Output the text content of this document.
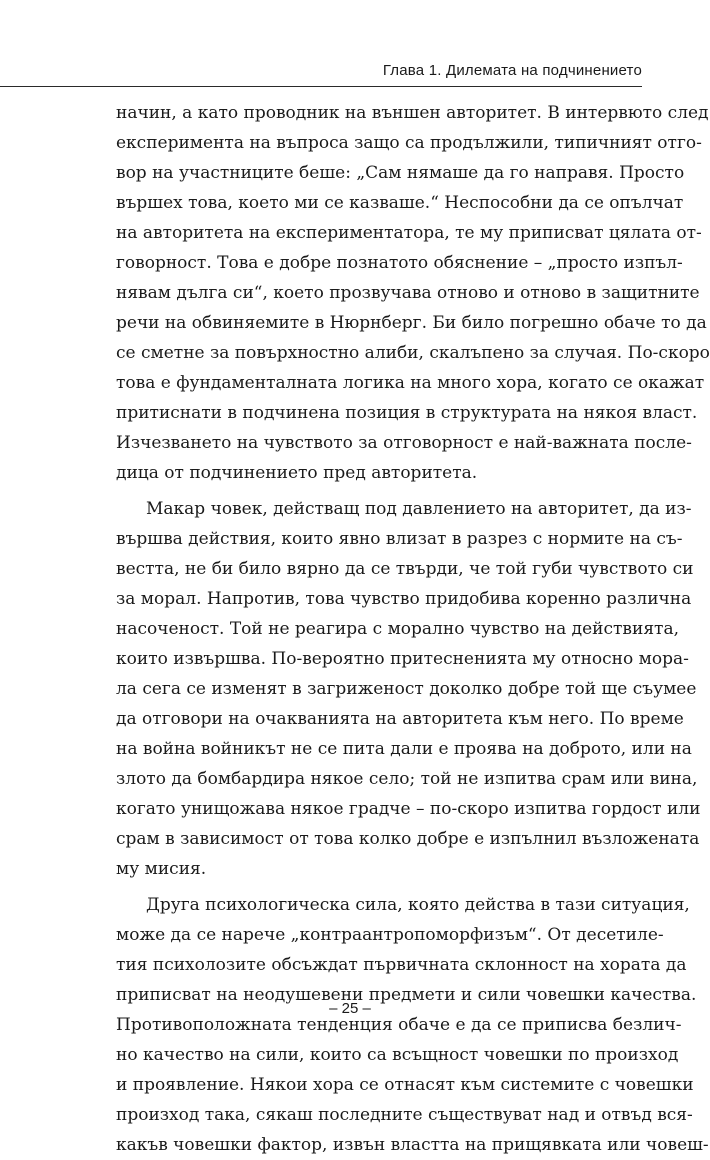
Глава 1. Дилемата на подчинението
начин, а като проводник на външен авторитет. В интервюто след
експеримента на въпроса защо са продължили, типичният отго-
вор на участниците беше: „Сам нямаше да го направя. Просто
вършех това, което ми се казваше.“ Неспособни да се опълчат
на авторитета на експериментатора, те му приписват цялата от-
говорност. Това е добре познатото обяснение – „просто изпъл-
нявам дълга си“, което прозвучава отново и отново в защитните
речи на обвиняемите в Нюрнберг. Би било погрешно обаче то да
се сметне за повърхностно алиби, скалъпено за случая. По-скоро
това е фундаменталната логика на много хора, когато се окажат
притиснати в подчинена позиция в структурата на някоя власт.
Изчезването на чувството за отговорност е най-важната после-
дица от подчинението пред авторитета.
Макар човек, действащ под давлението на авторитет, да из-
вършва действия, които явно влизат в разрез с нормите на съ-
вестта, не би било вярно да се твърди, че той губи чувството си
за морал. Напротив, това чувство придобива коренно различна
насоченост. Той не реагира с морално чувство на действията,
които извършва. По-вероятно притесненията му относно мора-
ла сега се изменят в загриженост доколко добре той ще съумее
да отговори на очакванията на авторитета към него. По време
на война войникът не се пита дали е проява на доброто, или на
злото да бомбардира някое село; той не изпитва срам или вина,
когато унищожава някое градче – по-скоро изпитва гордост или
срам в зависимост от това колко добре е изпълнил възложената
му мисия.
Друга психологическа сила, която действа в тази ситуация,
може да се нарече „контраантропоморфизъм“. От десетиле-
тия психолозите обсъждат първичната склонност на хората да
приписват на неодушевени предмети и сили човешки качества.
Противоположната тенденция обаче е да се приписва безлич-
но качество на сили, които са всъщност човешки по произход
и проявление. Някои хора се отнасят към системите с човешки
произход така, сякаш последните съществуват над и отвъд вся-
какъв човешки фактор, извън властта на прищявката или човеш-
– 25 –
